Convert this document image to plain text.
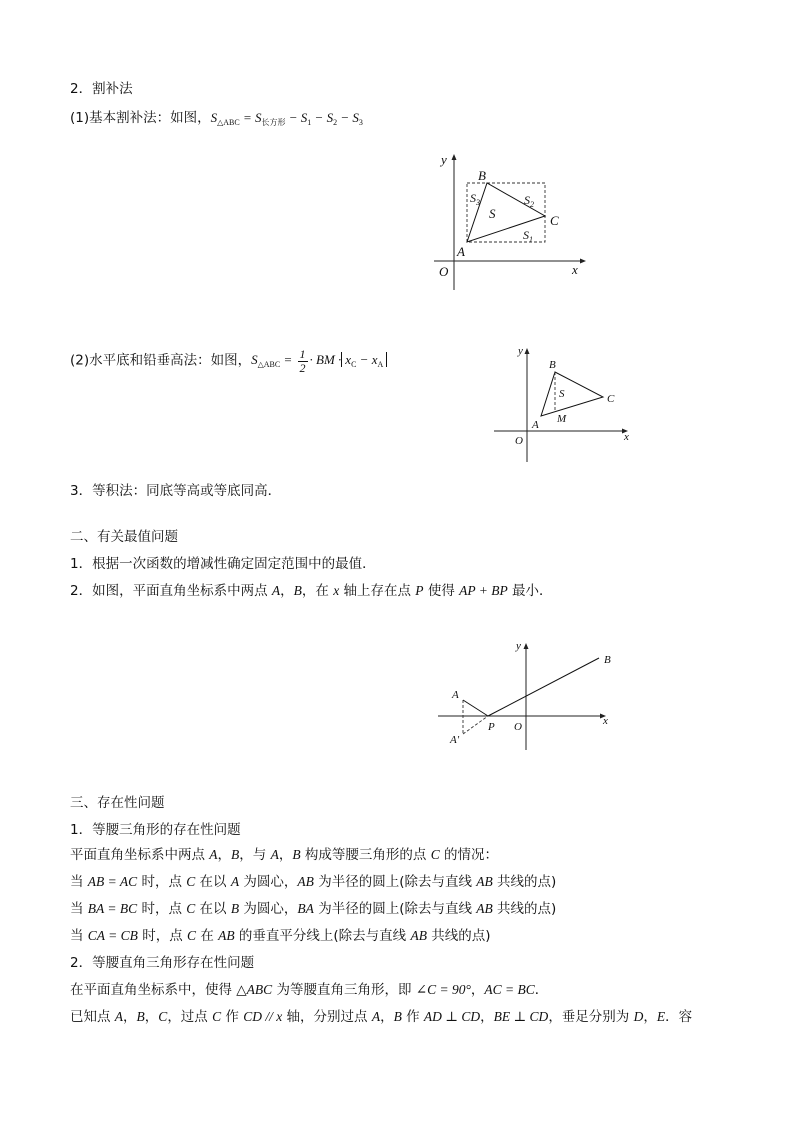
2．割补法
(1)基本割补法：如图，$S_{\triangle ABC} = S_{长方形} - S_1 - S_2 - S_3$
y
x
O
A
B
C
S
$S_3$	$S_2$
$S_1$
(2)水平底和铅垂高法：如图，$S_{\triangle ABC} = \frac{1}{2}$ · BM · $x_C - x_A$
y
x
O
A
B
C
S
M
3．等积法：同底等高或等底同高．
二、有关最值问题
1．根据一次函数的增减性确定固定范围中的最值．
2．如图，平面直角坐标系中两点 A，B，在 x 轴上存在点 P 使得 AP + BP 最小．
y
x
O
A
A'
B
P
三、存在性问题
1．等腰三角形的存在性问题
平面直角坐标系中两点 A，B，与 A，B 构成等腰三角形的点 C 的情况：
当 AB = AC 时，点 C 在以 A 为圆心，AB 为半径的圆上(除去与直线 AB 共线的点)
当 BA = BC 时，点 C 在以 B 为圆心，BA 为半径的圆上(除去与直线 AB 共线的点)
当 CA = CB 时，点 C 在 AB 的垂直平分线上(除去与直线 AB 共线的点)
2．等腰直角三角形存在性问题
在平面直角坐标系中，使得 △ABC 为等腰直角三角形，即 ∠C = 90°，AC = BC．
已知点 A，B，C，过点 C 作 CD // x 轴，分别过点 A，B 作 AD ⊥ CD，BE ⊥ CD，垂足分别为 D，E．容
